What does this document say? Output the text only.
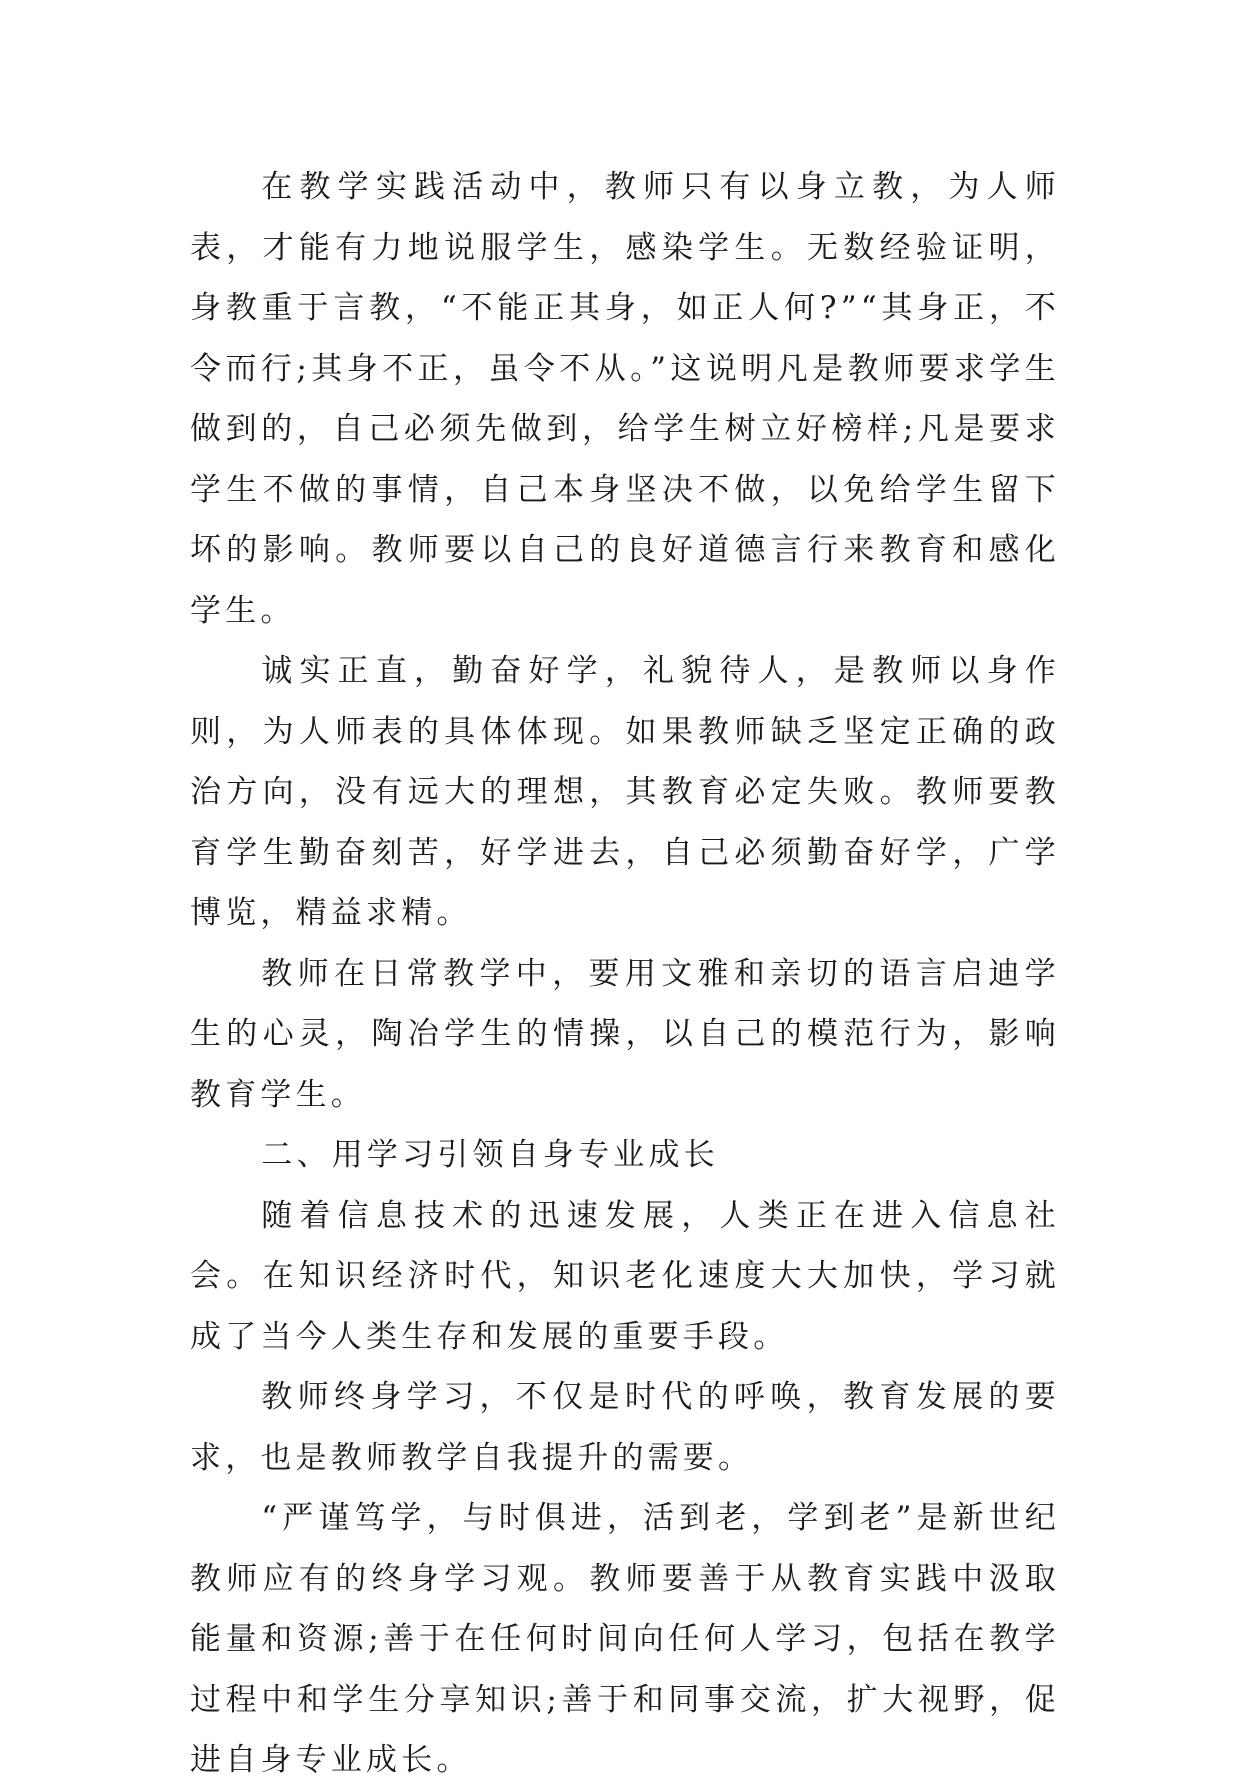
在教学实践活动中，教师只有以身立教，为人师表，才能有力地说服学生，感染学生。无数经验证明，身教重于言教，“不能正其身，如正人何?”“其身正，不令而行;其身不正，虽令不从。”这说明凡是教师要求学生做到的，自己必须先做到，给学生树立好榜样;凡是要求学生不做的事情，自己本身坚决不做，以免给学生留下坏的影响。教师要以自己的良好道德言行来教育和感化学生。

诚实正直，勤奋好学，礼貌待人，是教师以身作则，为人师表的具体体现。如果教师缺乏坚定正确的政治方向，没有远大的理想，其教育必定失败。教师要教育学生勤奋刻苦，好学进去，自己必须勤奋好学，广学博览，精益求精。

教师在日常教学中，要用文雅和亲切的语言启迪学生的心灵，陶冶学生的情操，以自己的模范行为，影响教育学生。

二、用学习引领自身专业成长

随着信息技术的迅速发展，人类正在进入信息社会。在知识经济时代，知识老化速度大大加快，学习就成了当今人类生存和发展的重要手段。

教师终身学习，不仅是时代的呼唤，教育发展的要求，也是教师教学自我提升的需要。

“严谨笃学，与时俱进，活到老，学到老”是新世纪教师应有的终身学习观。教师要善于从教育实践中汲取能量和资源;善于在任何时间向任何人学习，包括在教学过程中和学生分享知识;善于和同事交流，扩大视野，促进自身专业成长。
